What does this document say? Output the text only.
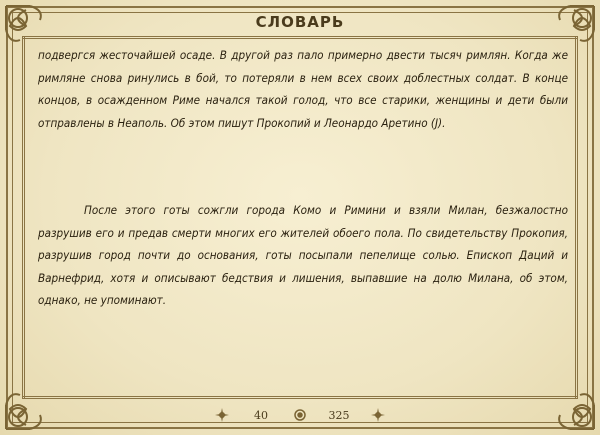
СЛОВАРЬ
подвергся жесточайшей осаде. В другой раз пало примерно двести тысяч римлян. Когда же римляне снова ринулись в бой, то потеряли в нем всех своих доблестных солдат. В конце концов, в осажденном Риме начался такой голод, что все старики, женщины и дети были отправлены в Неаполь. Об этом пишут Прокопий и Леонардо Аретино (J).
После этого готы сожгли города Комо и Римини и взяли Милан, безжалостно разрушив его и предав смерти многих его жителей обоего пола. По свидетельству Прокопия, разрушив город почти до основания, готы посыпали пепелище солью. Епископ Даций и Варнефрид, хотя и описывают бедствия и лишения, выпавшие на долю Милана, об этом, однако, не упоминают.
40	325
